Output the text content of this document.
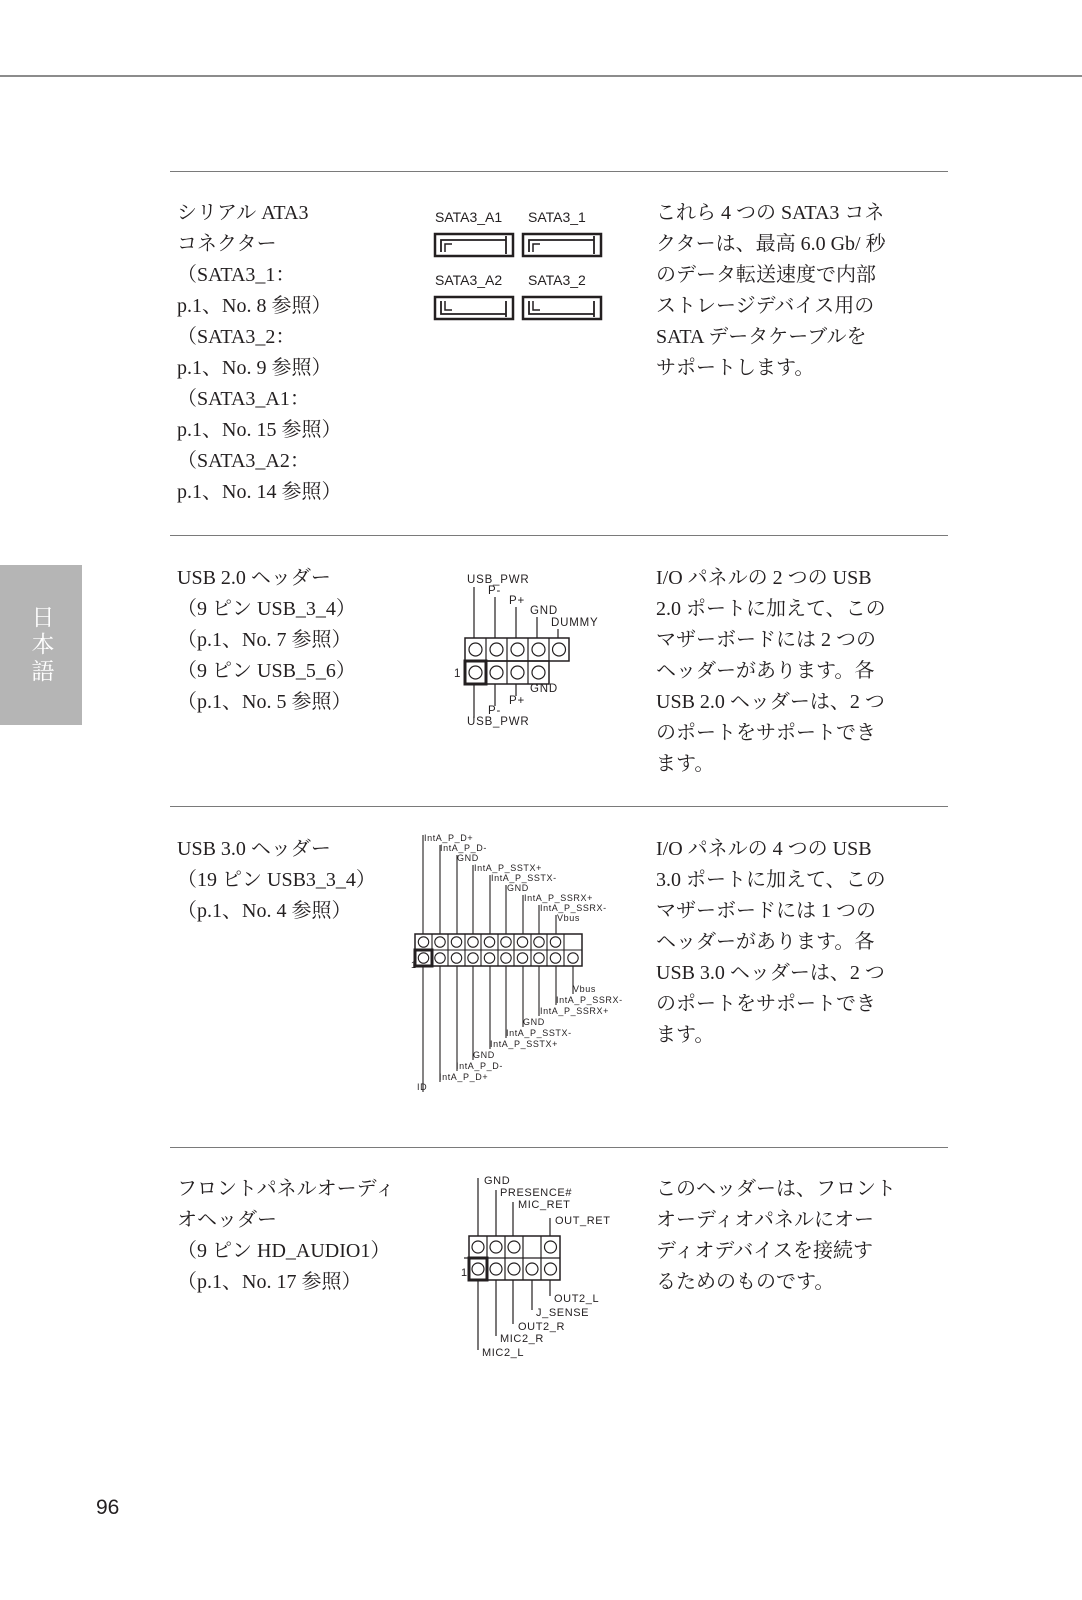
日本語
シリアル ATA3
コネクター
（SATA3_1：
p.1、No. 8 参照）
（SATA3_2：
p.1、No. 9 参照）
（SATA3_A1：
p.1、No. 15 参照）
（SATA3_A2：
p.1、No. 14 参照）
SATA3_A1 SATA3_1
SATA3_A2 SATA3_2
これら 4 つの SATA3 コネ
クターは、最高 6.0 Gb/ 秒
のデータ転送速度で内部
ストレージデバイス用の
SATA データケーブルを
サポートします。
USB 2.0 ヘッダー
（9 ピン USB_3_4）
（p.1、No. 7 参照）
（9 ピン USB_5_6）
（p.1、No. 5 参照）
USB_PWR
P-
P+
GND
DUMMY
1
GND
P+
P-
USB_PWR
I/O パネルの 2 つの USB
2.0 ポートに加えて、この
マザーボードには 2 つの
ヘッダーがあります。各
USB 2.0 ヘッダーは、2 つ
のポートをサポートでき
ます。
USB 3.0 ヘッダー
（19 ピン USB3_3_4）
（p.1、No. 4 参照）
IntA_P_D+
IntA_P_D-
GND
IntA_P_SSTX+
IntA_P_SSTX-
GND
IntA_P_SSRX+
IntA_P_SSRX-
Vbus
1
Vbus
IntA_P_SSRX-
IntA_P_SSRX+
GND
IntA_P_SSTX-
IntA_P_SSTX+
GND
IntA_P_D-
IntA_P_D+
ID
I/O パネルの 4 つの USB
3.0 ポートに加えて、この
マザーボードには 1 つの
ヘッダーがあります。各
USB 3.0 ヘッダーは、2 つ
のポートをサポートでき
ます。
フロントパネルオーディ
オヘッダー
（9 ピン HD_AUDIO1）
（p.1、No. 17 参照）
GND
PRESENCE#
MIC_RET
OUT_RET
1
OUT2_L
J_SENSE
OUT2_R
MIC2_R
MIC2_L
このヘッダーは、フロント
オーディオパネルにオー
ディオデバイスを接続す
るためのものです。
96
